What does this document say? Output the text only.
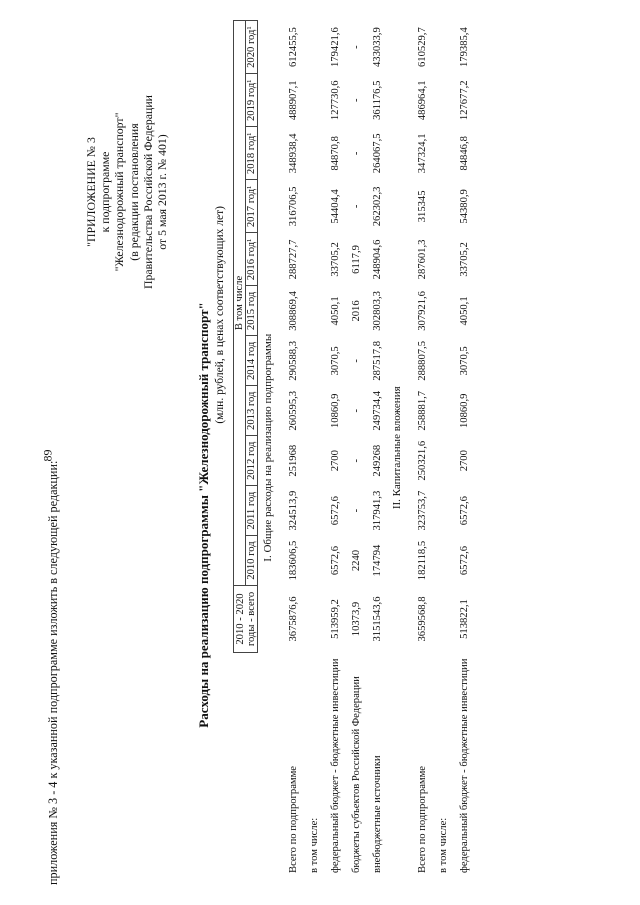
89
приложения № 3 - 4 к указанной подпрограмме изложить в следующей редакции:
"ПРИЛОЖЕНИЕ № 3 к подпрограмме "Железнодорожный транспорт" (в редакции постановления Правительства Российской Федерации от 5 мая 2013 г. № 401)
Расходы на реализацию подпрограммы "Железнодорожный транспорт" (млн. рублей, в ценах соответствующих лет)
	2010 - 2020 годы - всего	В том числе										
		2010 год	2011 год	2012 год	2013 год	2014 год	2015 год	2016 год¹	2017 год¹	2018 год¹	2019 год¹	2020 год¹
I. Общие расходы на реализацию подпрограммы												
Всего по подпрограмме	3675876,6	183606,5	324513,9	251968	260595,3	290588,3	308869,4	288727,7	316706,5	348938,4	488907,1	612455,5
в том числе:												
федеральный бюджет - бюджетные инвестиции	513959,2	6572,6	6572,6	2700	10860,9	3070,5	4050,1	33705,2	54404,4	84870,8	127730,6	179421,6
бюджеты субъектов Российской Федерации	10373,9	2240	-	-	-	-	2016	6117,9	-	-	-	-
внебюджетные источники	3151543,6	174794	317941,3	249268	249734,4	287517,8	302803,3	248904,6	262302,3	264067,5	361176,5	433033,9
II. Капитальные вложения												
Всего по подпрограмме	3659568,8	182118,5	323753,7	250321,6	258881,7	288807,5	307921,6	287601,3	315345	347324,1	486964,1	610529,7
в том числе:												
федеральный бюджет - бюджетные инвестиции	513822,1	6572,6	6572,6	2700	10860,9	3070,5	4050,1	33705,2	54380,9	84846,8	127677,2	179385,4
